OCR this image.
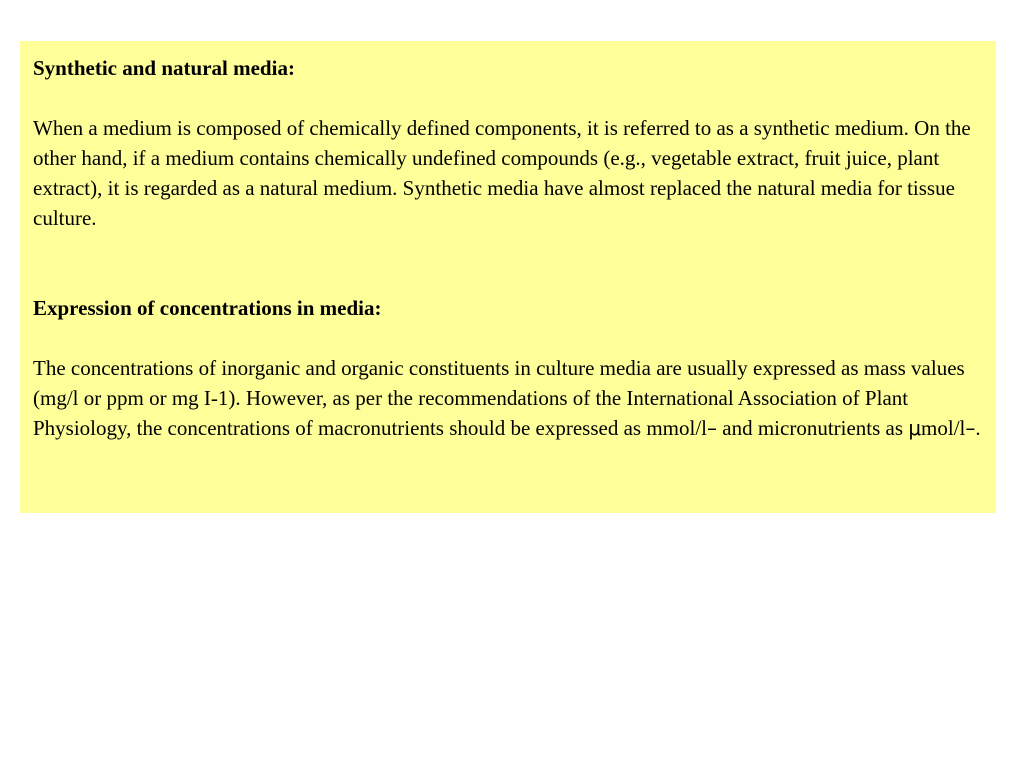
Synthetic and natural media:

When a medium is composed of chemically defined components, it is referred to as a synthetic medium. On the other hand, if a medium contains chemically undefined compounds (e.g., vegetable extract, fruit juice, plant extract), it is regarded as a natural medium. Synthetic media have almost replaced the natural media for tissue culture.

Expression of concentrations in media:

The concentrations of inorganic and organic constituents in culture media are usually expressed as mass values (mg/l or ppm or mg I-1). However, as per the recommendations of the International Association of Plant Physiology, the concentrations of macronutrients should be expressed as mmol/l– and micronutrients as μmol/l–.
